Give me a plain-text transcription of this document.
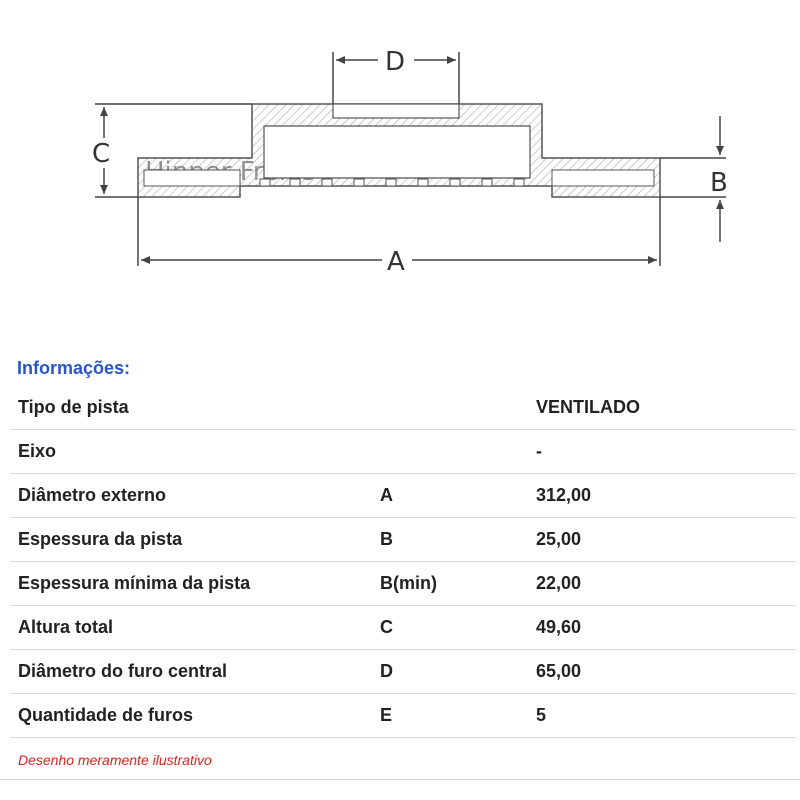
D
C
B
A
Informações:
Tipo de pista		VENTILADO
Eixo		-
Diâmetro externo	A	312,00
Espessura da pista	B	25,00
Espessura mínima da pista	B(min)	22,00
Altura total	C	49,60
Diâmetro do furo central	D	65,00
Quantidade de furos	E	5
Desenho meramente ilustrativo
